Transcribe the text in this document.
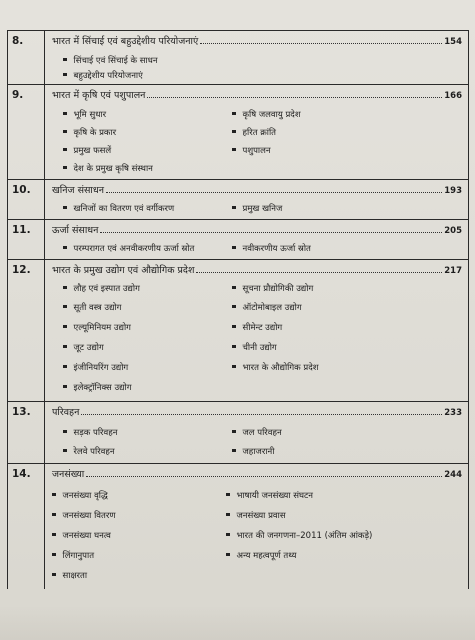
8.	भारत में सिंचाई एवं बहुउद्देशीय परियोजनाएं	154
सिंचाई एवं सिंचाई के साधन
बहुउद्देशीय परियोजनाएं
9.	भारत में कृषि एवं पशुपालन	166
भूमि सुधार	कृषि जलवायु प्रदेश
कृषि के प्रकार	हरित क्रांति
प्रमुख फसलें	पशुपालन
देश के प्रमुख कृषि संस्थान
10. खनिज संसाधन	193
खनिजों का वितरण एवं वर्गीकरण	प्रमुख खनिज
11. ऊर्जा संसाधन	205
परम्परागत एवं अनवीकरणीय ऊर्जा स्रोत	नवीकरणीय ऊर्जा स्रोत
12. भारत के प्रमुख उद्योग एवं औद्योगिक प्रदेश	217
लौह एवं इस्पात उद्योग	सूचना प्रौद्योगिकी उद्योग
सूती वस्त्र उद्योग	ऑटोमोबाइल उद्योग
एल्यूमिनियम उद्योग	सीमेन्ट उद्योग
जूट उद्योग	चीनी उद्योग
इंजीनियरिंग उद्योग	भारत के औद्योगिक प्रदेश
इलेक्ट्रॉनिक्स उद्योग
13. परिवहन	233
सड़क परिवहन	जल परिवहन
रेलवे परिवहन	जहाजरानी
14. जनसंख्या	244
जनसंख्या वृद्धि	भाषायी जनसंख्या संघटन
जनसंख्या वितरण	जनसंख्या प्रवास
जनसंख्या घनत्व	भारत की जनगणना–2011 (अंतिम आंकड़े)
लिंगानुपात	अन्य महत्वपूर्ण तथ्य
साक्षरता
